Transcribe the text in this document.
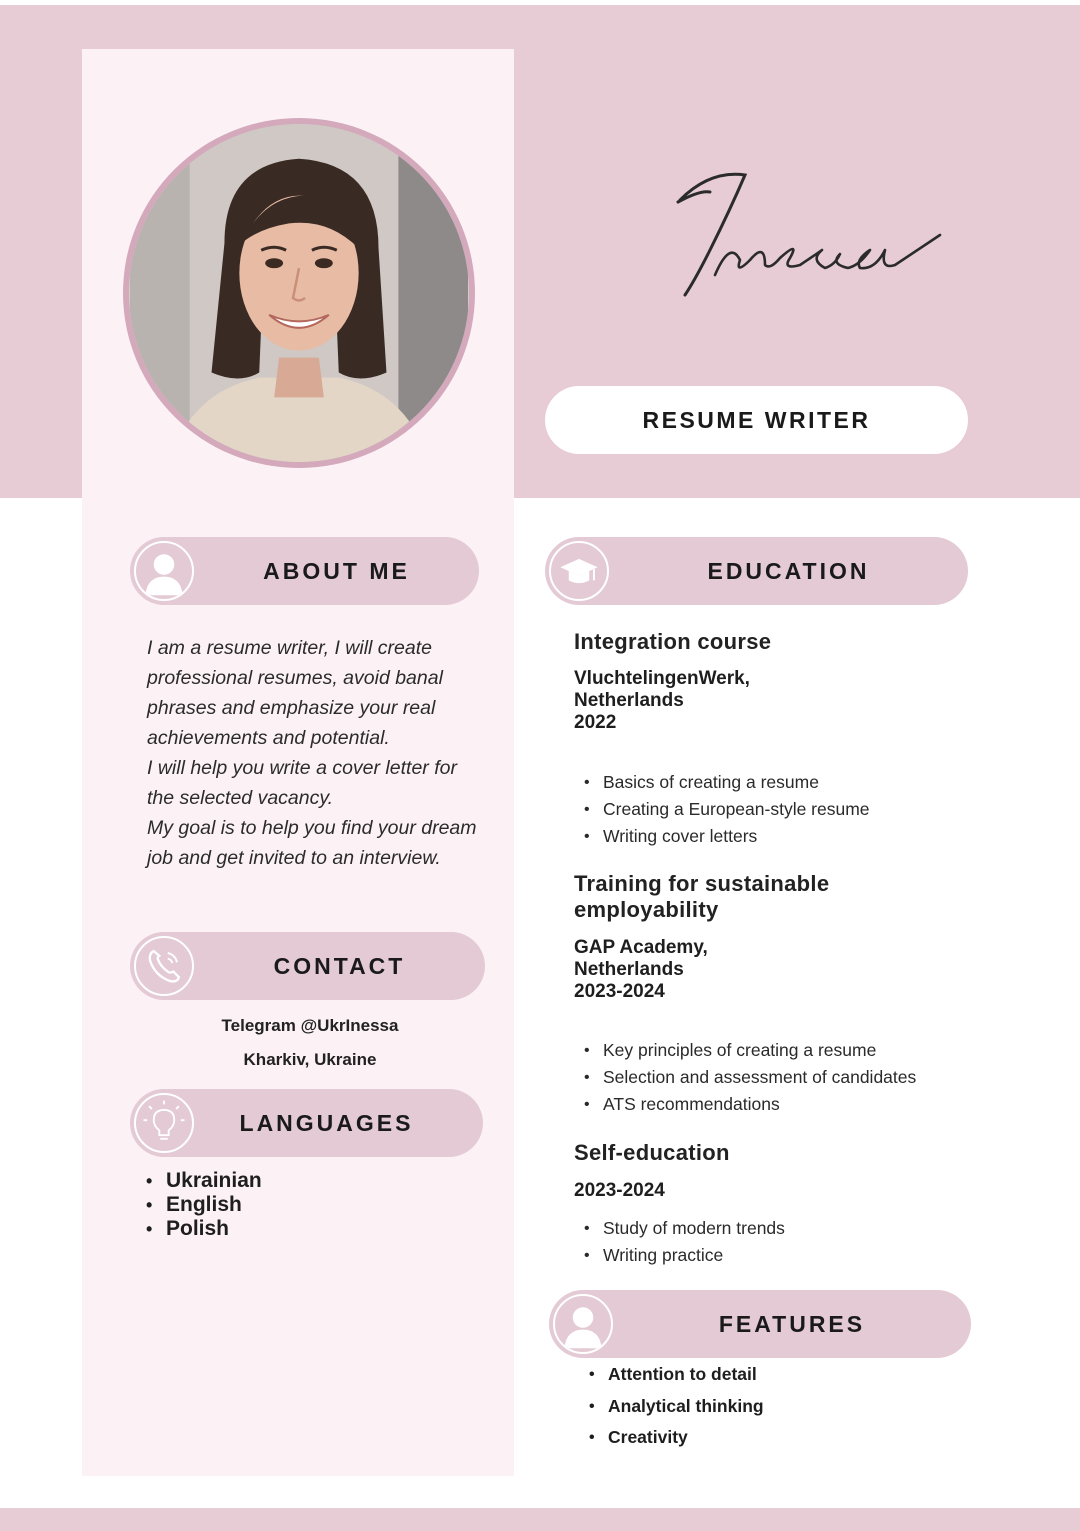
RESUME WRITER
ABOUT ME

I am a resume writer, I will create professional resumes, avoid banal phrases and emphasize your real achievements and potential.

I will help you write a cover letter for the selected vacancy.

My goal is to help you find your dream job and get invited to an interview.

CONTACT
Telegram @UkrInessa
Kharkiv, Ukraine
LANGUAGES
• Ukrainian
• English
• Polish
EDUCATION
Integration course
VluchtelingenWerk,
Netherlands
2022
• Basics of creating a resume
• Creating a European-style resume
• Writing cover letters
Training for sustainable
employability
GAP Academy,
Netherlands
2023-2024
• Key principles of creating a resume
• Selection and assessment of candidates
• ATS recommendations
Self-education
2023-2024
• Study of modern trends
• Writing practice
FEATURES
• Attention to detail
• Analytical thinking
• Creativity
